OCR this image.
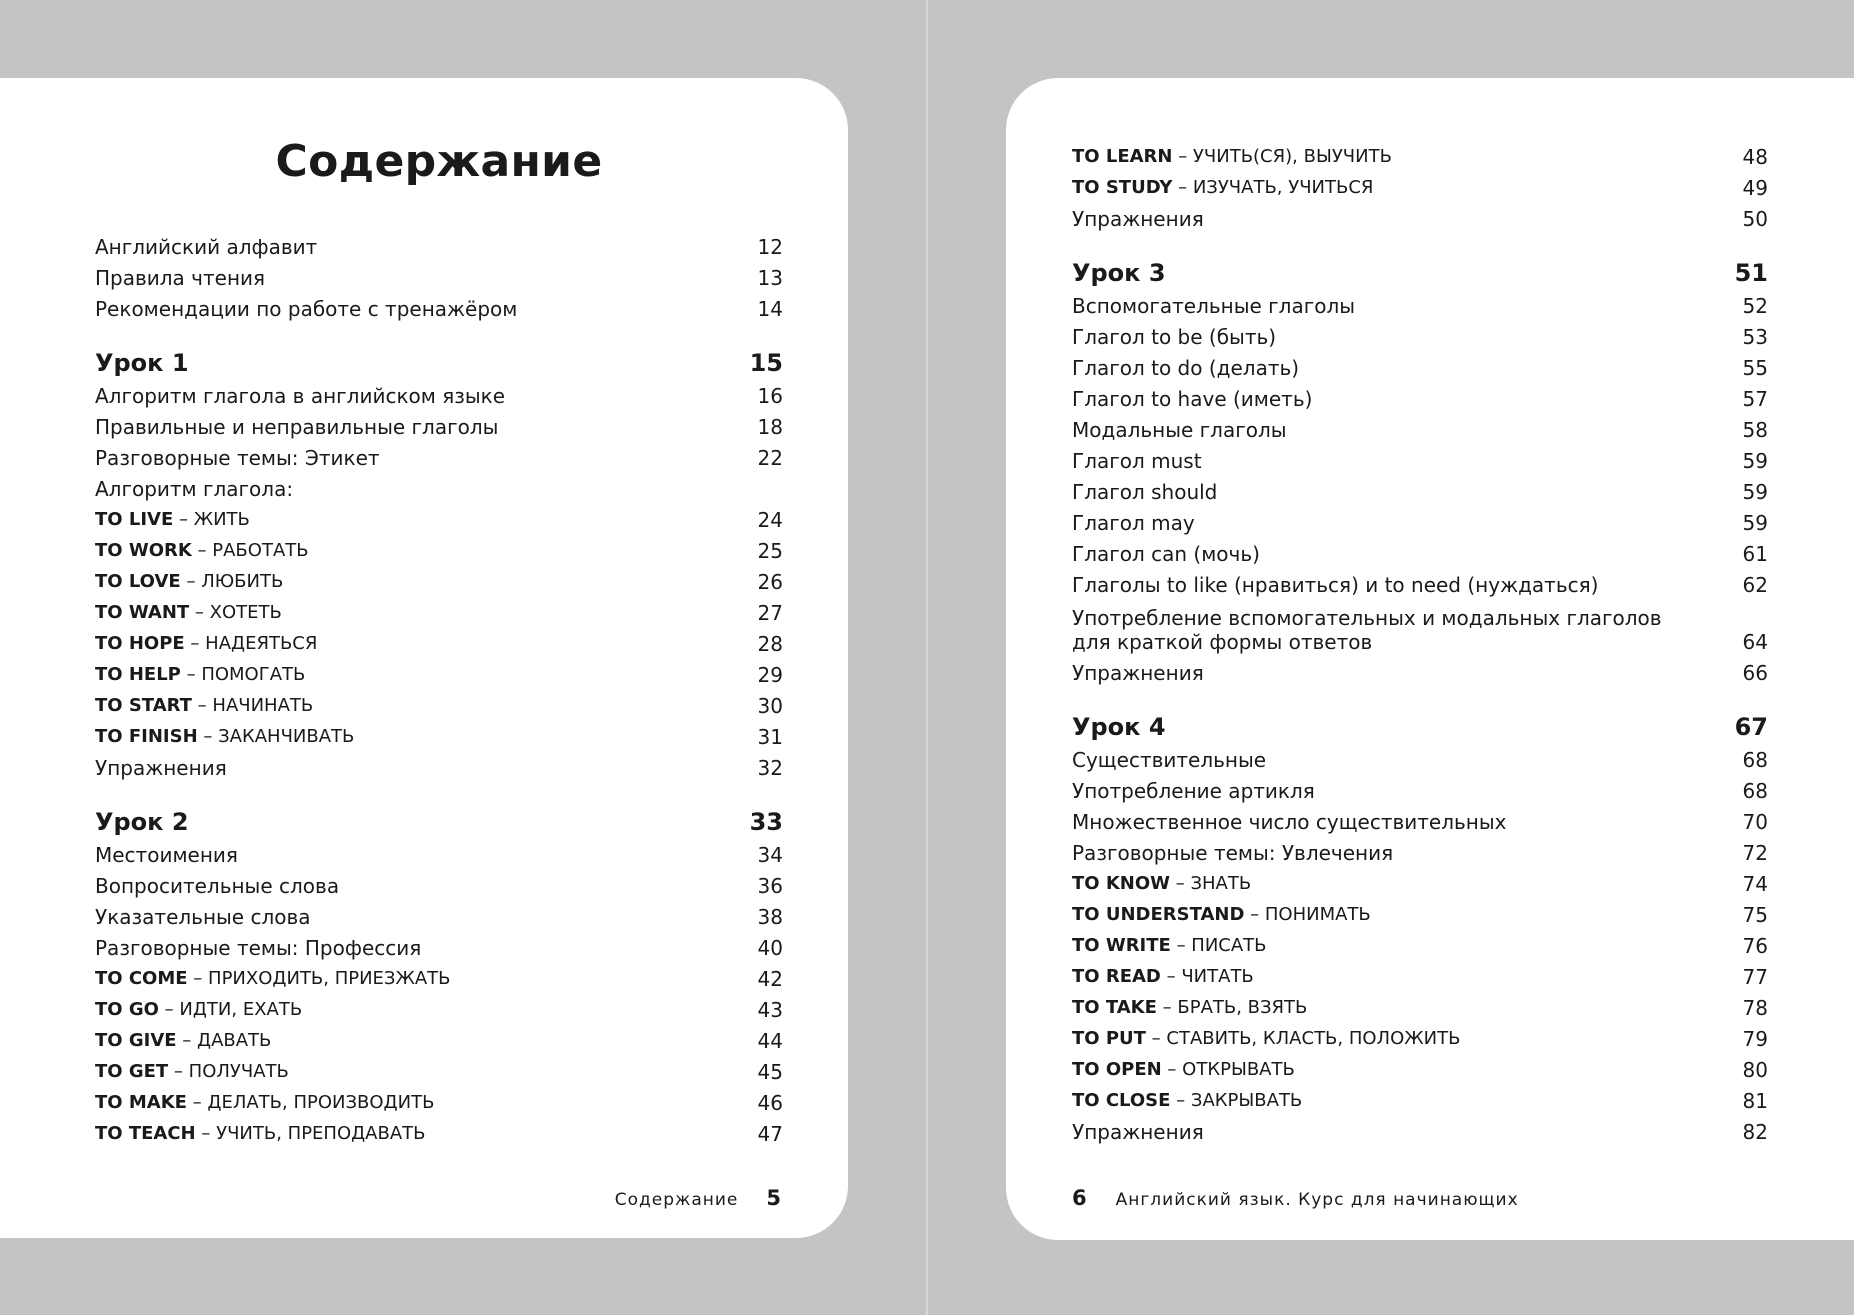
Содержание
Английский алфавит	12
Правила чтения	13
Рекомендации по работе с тренажёром	14
Урок 1	15
Алгоритм глагола в английском языке	16
Правильные и неправильные глаголы	18
Разговорные темы: Этикет	22
Алгоритм глагола:
TO LIVE – ЖИТЬ	24
TO WORK – РАБОТАТЬ	25
TO LOVE – ЛЮБИТЬ	26
TO WANT – ХОТЕТЬ	27
TO HOPE – НАДЕЯТЬСЯ	28
TO HELP – ПОМОГАТЬ	29
TO START – НАЧИНАТЬ	30
TO FINISH – ЗАКАНЧИВАТЬ	31
Упражнения	32
Урок 2	33
Местоимения	34
Вопросительные слова	36
Указательные слова	38
Разговорные темы: Профессия	40
TO COME – ПРИХОДИТЬ, ПРИЕЗЖАТЬ	42
TO GO – ИДТИ, ЕХАТЬ	43
TO GIVE – ДАВАТЬ	44
TO GET – ПОЛУЧАТЬ	45
TO MAKE – ДЕЛАТЬ, ПРОИЗВОДИТЬ	46
TO TEACH – УЧИТЬ, ПРЕПОДАВАТЬ	47
Содержание 5
TO LEARN – УЧИТЬ(СЯ), ВЫУЧИТЬ	48
TO STUDY – ИЗУЧАТЬ, УЧИТЬСЯ	49
Упражнения	50
Урок 3	51
Вспомогательные глаголы	52
Глагол to be (быть)	53
Глагол to do (делать)	55
Глагол to have (иметь)	57
Модальные глаголы	58
Глагол must	59
Глагол should	59
Глагол may	59
Глагол can (мочь)	61
Глаголы to like (нравиться) и to need (нуждаться)	62
Употребление вспомогательных и модальных глаголов
для краткой формы ответов	64
Упражнения	66
Урок 4	67
Существительные	68
Употребление артикля	68
Множественное число существительных	70
Разговорные темы: Увлечения	72
TO KNOW – ЗНАТЬ	74
TO UNDERSTAND – ПОНИМАТЬ	75
TO WRITE – ПИСАТЬ	76
TO READ – ЧИТАТЬ	77
TO TAKE – БРАТЬ, ВЗЯТЬ	78
TO PUT – СТАВИТЬ, КЛАСТЬ, ПОЛОЖИТЬ	79
TO OPEN – ОТКРЫВАТЬ	80
TO CLOSE – ЗАКРЫВАТЬ	81
Упражнения	82
6 Английский язык. Курс для начинающих
